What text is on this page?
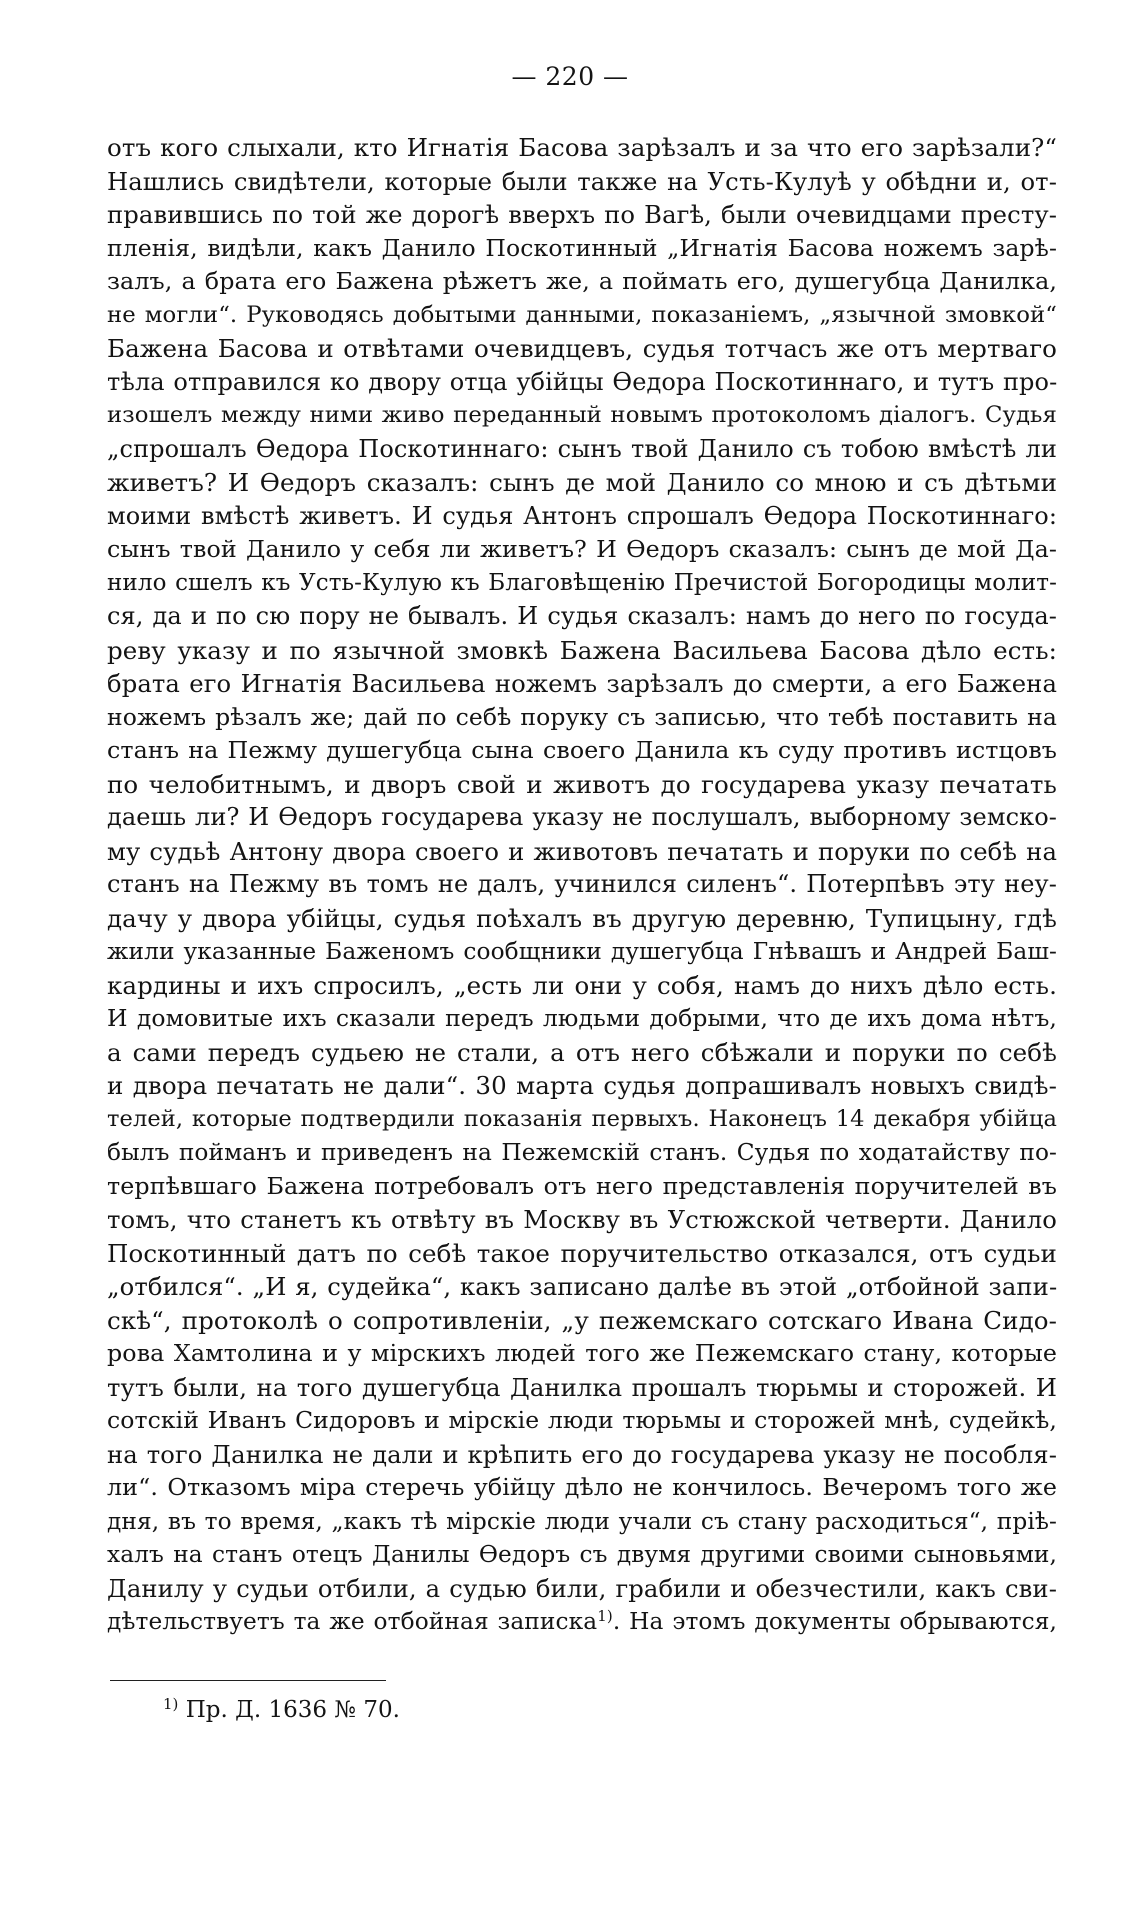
— 220 —
отъ кого слыхали, кто Игнатія Басова зарѣзалъ и за что его зарѣзали?“
Нашлись свидѣтели, которые были также на Усть-Кулуѣ у обѣдни и, от-
правившись по той же дорогѣ вверхъ по Вагѣ, были очевидцами престу-
пленія, видѣли, какъ Данило Поскотинный „Игнатія Басова ножемъ зарѣ-
залъ, а брата его Бажена рѣжетъ же, а поймать его, душегубца Данилка,
не могли“. Руководясь добытыми данными, показаніемъ, „язычной змовкой“
Бажена Басова и отвѣтами очевидцевъ, судья тотчасъ же отъ мертваго
тѣла отправился ко двору отца убійцы Ѳедора Поскотиннаго, и тутъ про-
изошелъ между ними живо переданный новымъ протоколомъ діалогъ. Судья
„спрошалъ Ѳедора Поскотиннаго: сынъ твой Данило съ тобою вмѣстѣ ли
живетъ? И Ѳедоръ сказалъ: сынъ де мой Данило со мною и съ дѣтьми
моими вмѣстѣ живетъ. И судья Антонъ спрошалъ Ѳедора Поскотиннаго:
сынъ твой Данило у себя ли живетъ? И Ѳедоръ сказалъ: сынъ де мой Да-
нило сшелъ къ Усть-Кулую къ Благовѣщенію Пречистой Богородицы молит-
ся, да и по сю пору не бывалъ. И судья сказалъ: намъ до него по госуда-
реву указу и по язычной змовкѣ Бажена Васильева Басова дѣло есть:
брата его Игнатія Васильева ножемъ зарѣзалъ до смерти, а его Бажена
ножемъ рѣзалъ же; дай по себѣ поруку съ записью, что тебѣ поставить на
станъ на Пежму душегубца сына своего Данила къ суду противъ истцовъ
по челобитнымъ, и дворъ свой и животъ до государева указу печатать
даешь ли? И Ѳедоръ государева указу не послушалъ, выборному земско-
му судьѣ Антону двора своего и животовъ печатать и поруки по себѣ на
станъ на Пежму въ томъ не далъ, учинился силенъ“. Потерпѣвъ эту неу-
дачу у двора убійцы, судья поѣхалъ въ другую деревню, Тупицыну, гдѣ
жили указанные Баженомъ сообщники душегубца Гнѣвашъ и Андрей Баш-
кардины и ихъ спросилъ, „есть ли они у собя, намъ до нихъ дѣло есть.
И домовитые ихъ сказали передъ людьми добрыми, что де ихъ дома нѣтъ,
а сами передъ судьею не стали, а отъ него сбѣжали и поруки по себѣ
и двора печатать не дали“. 30 марта судья допрашивалъ новыхъ свидѣ-
телей, которые подтвердили показанія первыхъ. Наконецъ 14 декабря убійца
былъ пойманъ и приведенъ на Пежемскій станъ. Судья по ходатайству по-
терпѣвшаго Бажена потребовалъ отъ него представленія поручителей въ
томъ, что станетъ къ отвѣту въ Москву въ Устюжской четверти. Данило
Поскотинный датъ по себѣ такое поручительство отказался, отъ судьи
„отбился“. „И я, судейка“, какъ записано далѣе въ этой „отбойной запи-
скѣ“, протоколѣ о сопротивленіи, „у пежемскаго сотскаго Ивана Сидо-
рова Хамтолина и у мірскихъ людей того же Пежемскаго стану, которые
тутъ были, на того душегубца Данилка прошалъ тюрьмы и сторожей. И
сотскій Иванъ Сидоровъ и мірскіе люди тюрьмы и сторожей мнѣ, судейкѣ,
на того Данилка не дали и крѣпить его до государева указу не пособля-
ли“. Отказомъ міра стеречь убійцу дѣло не кончилось. Вечеромъ того же
дня, въ то время, „какъ тѣ мірскіе люди учали съ стану расходиться“, пріѣ-
халъ на станъ отецъ Данилы Ѳедоръ съ двумя другими своими сыновьями,
Данилу у судьи отбили, а судью били, грабили и обезчестили, какъ сви-
дѣтельствуетъ та же отбойная записка$^{1)}$. На этомъ документы обрываются,
$^{1)}$ Пр. Д. 1636 № 70.
